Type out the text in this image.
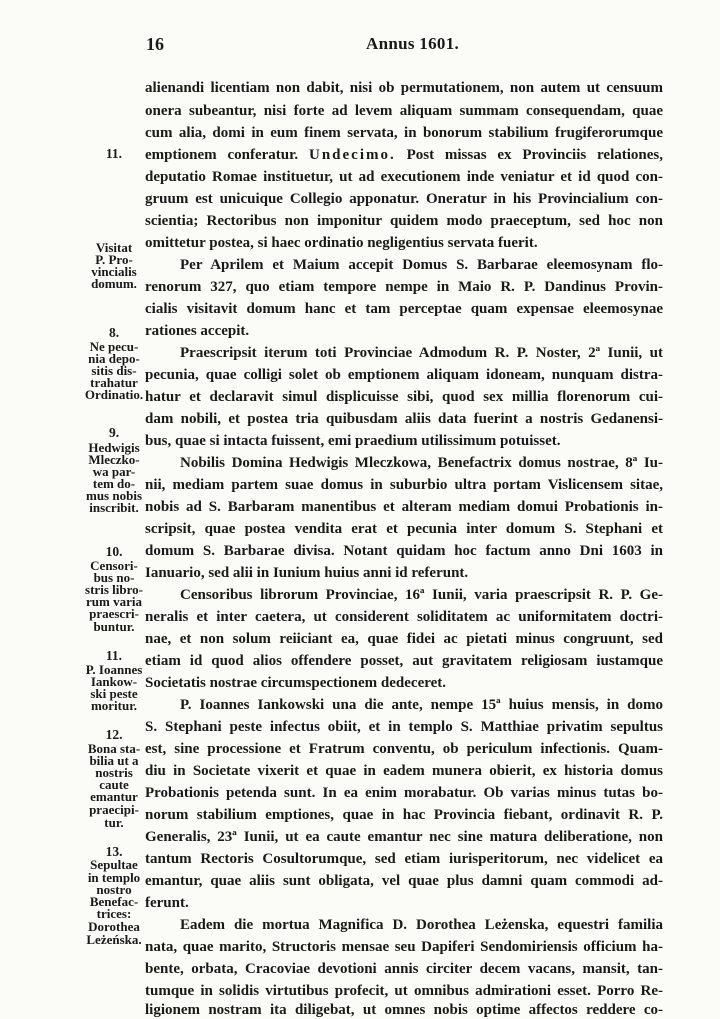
16	Annus 1601.
alienandi licentiam non dabit, nisi ob permutationem, non autem ut censuum
onera subeantur, nisi forte ad levem aliquam summam consequendam, quae
cum alia, domi in eum finem servata, in bonorum stabilium frugiferorumque
emptionem conferatur. Undecimo. Post missas ex Provinciis relationes,
deputatio Romae instituetur, ut ad executionem inde veniatur et id quod con-
gruum est unicuique Collegio apponatur. Oneratur in his Provincialium con-
scientia; Rectoribus non imponitur quidem modo praeceptum, sed hoc non
omittetur postea, si haec ordinatio negligentius servata fuerit.
Per Aprilem et Maium accepit Domus S. Barbarae eleemosynam flo-
renorum 327, quo etiam tempore nempe in Maio R. P. Dandinus Provin-
cialis visitavit domum hanc et tam perceptae quam expensae eleemosynae
rationes accepit.
Praescripsit iterum toti Provinciae Admodum R. P. Noster, 2ª Iunii, ut
pecunia, quae colligi solet ob emptionem aliquam idoneam, nunquam distra-
hatur et declaravit simul displicuisse sibi, quod sex millia florenorum cui-
dam nobili, et postea tria quibusdam aliis data fuerint a nostris Gedanensi-
bus, quae si intacta fuissent, emi praedium utilissimum potuisset.
Nobilis Domina Hedwigis Mleczkowa, Benefactrix domus nostrae, 8ª Iu-
nii, mediam partem suae domus in suburbio ultra portam Vislicensem sitae,
nobis ad S. Barbaram manentibus et alteram mediam domui Probationis in-
scripsit, quae postea vendita erat et pecunia inter domum S. Stephani et
domum S. Barbarae divisa. Notant quidam hoc factum anno Dni 1603 in
Ianuario, sed alii in Iunium huius anni id referunt.
Censoribus librorum Provinciae, 16ª Iunii, varia praescripsit R. P. Ge-
neralis et inter caetera, ut considerent soliditatem ac uniformitatem doctri-
nae, et non solum reiiciant ea, quae fidei ac pietati minus congruunt, sed
etiam id quod alios offendere posset, aut gravitatem religiosam iustamque
Societatis nostrae circumspectionem dedeceret.
P. Ioannes Iankowski una die ante, nempe 15ª huius mensis, in domo
S. Stephani peste infectus obiit, et in templo S. Matthiae privatim sepultus
est, sine processione et Fratrum conventu, ob periculum infectionis. Quam-
diu in Societate vixerit et quae in eadem munera obierit, ex historia domus
Probationis petenda sunt. In ea enim morabatur. Ob varias minus tutas bo-
norum stabilium emptiones, quae in hac Provincia fiebant, ordinavit R. P.
Generalis, 23ª Iunii, ut ea caute emantur nec sine matura deliberatione, non
tantum Rectoris Cosultorumque, sed etiam iurisperitorum, nec videlicet ea
emantur, quae aliis sunt obligata, vel quae plus damni quam commodi ad-
ferunt.
Eadem die mortua Magnifica D. Dorothea Leżenska, equestri familia
nata, quae marito, Structoris mensae seu Dapiferi Sendomiriensis officium ha-
bente, orbata, Cracoviae devotioni annis circiter decem vacans, mansit, tan-
tumque in solidis virtutibus profecit, ut omnibus admirationi esset. Porro Re-
ligionem nostram ita diligebat, ut omnes nobis optime affectos reddere co-
11.
Visitat
P. Pro-
vincialis
domum.
8.
Ne pecu-
nia depo-
sitis dis-
trahatur
Ordinatio.
9.
Hedwigis
Mleczko-
wa par-
tem do-
mus nobis
inscribit.
10.
Censori-
bus no-
stris libro-
rum varia
praescri-
buntur.
11.
P. Ioannes
Iankow-
ski peste
moritur.
12.
Bona sta-
bilia ut a
nostris
caute
emantur
praecipi-
tur.
13.
Sepultae
in templo
nostro
Benefac-
trices:
Dorothea
Leżeńska.
